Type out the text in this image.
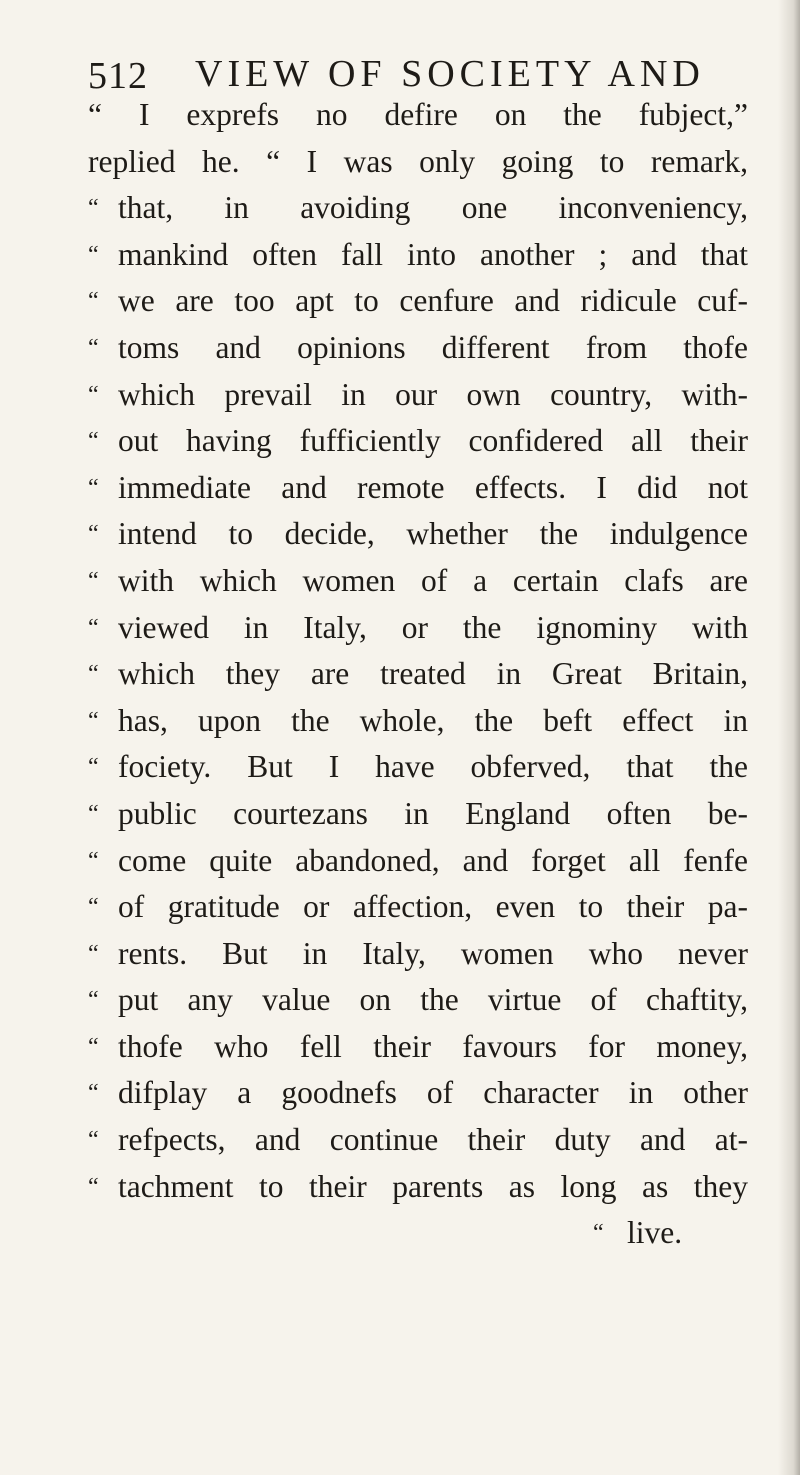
512 VIEW OF SOCIETY AND
“ I exprefs no defire on the fubject,”
replied he. “ I was only going to remark,
“ that, in avoiding one inconveniency,
“ mankind often fall into another ; and that
“ we are too apt to cenfure and ridicule cuf-
“ toms and opinions different from thofe
“ which prevail in our own country, with-
“ out having fufficiently confidered all their
“ immediate and remote effects. I did not
“ intend to decide, whether the indulgence
“ with which women of a certain clafs are
“ viewed in Italy, or the ignominy with
“ which they are treated in Great Britain,
“ has, upon the whole, the beft effect in
“ fociety. But I have obferved, that the
“ public courtezans in England often be-
“ come quite abandoned, and forget all fenfe
“ of gratitude or affection, even to their pa-
“ rents. But in Italy, women who never
“ put any value on the virtue of chaftity,
“ thofe who fell their favours for money,
“ difplay a goodnefs of character in other
“ refpects, and continue their duty and at-
“ tachment to their parents as long as they
“ live.
